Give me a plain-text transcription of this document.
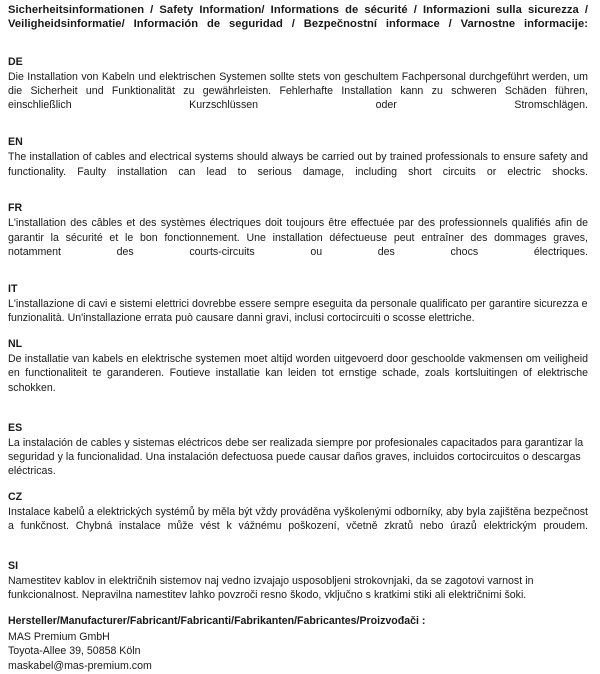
Sicherheitsinformationen / Safety Information/ Informations de sécurité / Informazioni sulla sicurezza / Veiligheidsinformatie/ Información de seguridad / Bezpečnostní informace / Varnostne informacije:

DE

Die Installation von Kabeln und elektrischen Systemen sollte stets von geschultem Fachpersonal durchgeführt werden, um die Sicherheit und Funktionalität zu gewährleisten. Fehlerhafte Installation kann zu schweren Schäden führen, einschließlich Kurzschlüssen oder Stromschlägen.

EN

The installation of cables and electrical systems should always be carried out by trained professionals to ensure safety and functionality. Faulty installation can lead to serious damage, including short circuits or electric shocks.

FR

L'installation des câbles et des systèmes électriques doit toujours être effectuée par des professionnels qualifiés afin de garantir la sécurité et le bon fonctionnement. Une installation défectueuse peut entraîner des dommages graves, notamment des courts-circuits ou des chocs électriques.

IT

L'installazione di cavi e sistemi elettrici dovrebbe essere sempre eseguita da personale qualificato per garantire sicurezza e funzionalità. Un'installazione errata può causare danni gravi, inclusi cortocircuiti o scosse elettriche.

NL

De installatie van kabels en elektrische systemen moet altijd worden uitgevoerd door geschoolde vakmensen om veiligheid en functionaliteit te garanderen. Foutieve installatie kan leiden tot ernstige schade, zoals kortsluitingen of elektrische schokken.

ES

La instalación de cables y sistemas eléctricos debe ser realizada siempre por profesionales capacitados para garantizar la seguridad y la funcionalidad. Una instalación defectuosa puede causar daños graves, incluidos cortocircuitos o descargas eléctricas.

CZ

Instalace kabelů a elektrických systémů by měla být vždy prováděna vyškolenými odborníky, aby byla zajištěna bezpečnost a funkčnost. Chybná instalace může vést k vážnému poškození, včetně zkratů nebo úrazů elektrickým proudem.

SI

Namestitev kablov in električnih sistemov naj vedno izvajajo usposobljeni strokovnjaki, da se zagotovi varnost in funkcionalnost. Nepravilna namestitev lahko povzroči resno škodo, vključno s kratkimi stiki ali električnimi šoki.

Hersteller/Manufacturer/Fabricant/Fabricanti/Fabrikanten/Fabricantes/Proizvođači :

MAS Premium GmbH

Toyota-Allee 39, 50858 Köln

maskabel@mas-premium.com
